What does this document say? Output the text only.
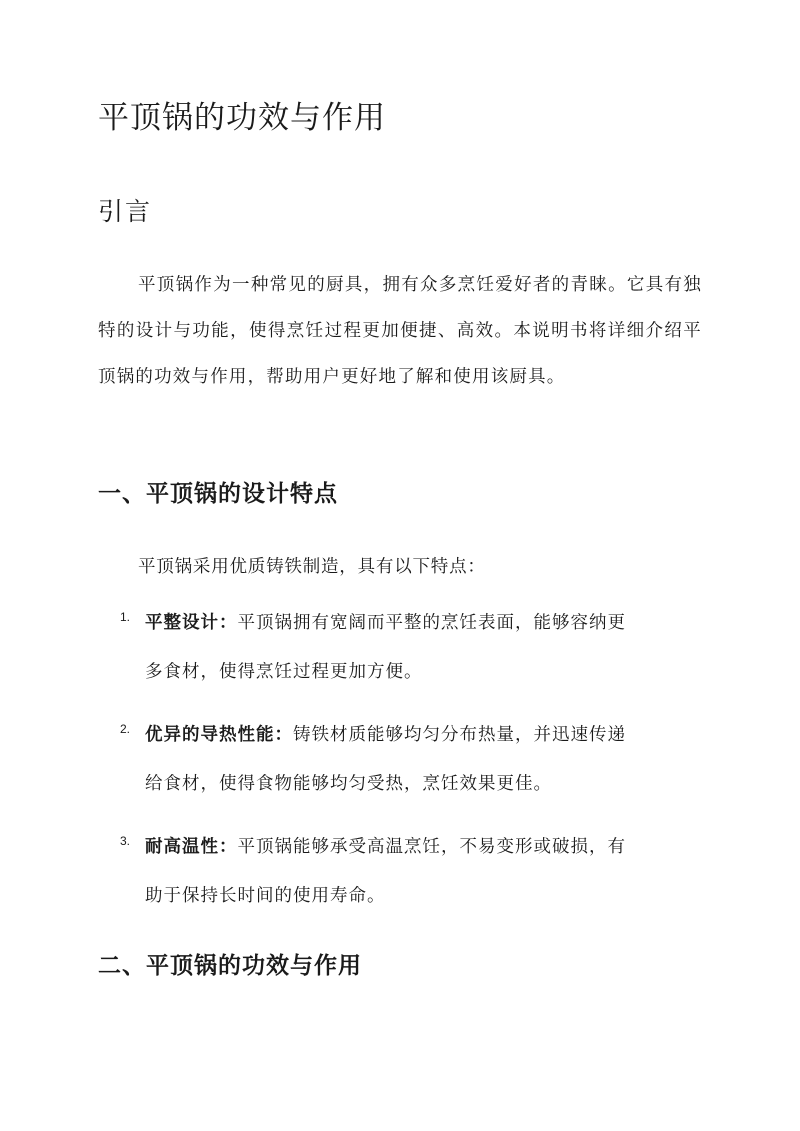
平顶锅的功效与作用
引言

平顶锅作为一种常见的厨具，拥有众多烹饪爱好者的青睐。它具有独特的设计与功能，使得烹饪过程更加便捷、高效。本说明书将详细介绍平顶锅的功效与作用，帮助用户更好地了解和使用该厨具。

一、平顶锅的设计特点

平顶锅采用优质铸铁制造，具有以下特点：

1. 平整设计：平顶锅拥有宽阔而平整的烹饪表面，能够容纳更
多食材，使得烹饪过程更加方便。
2. 优异的导热性能：铸铁材质能够均匀分布热量，并迅速传递
给食材，使得食物能够均匀受热，烹饪效果更佳。
3. 耐高温性：平顶锅能够承受高温烹饪，不易变形或破损，有
助于保持长时间的使用寿命。
二、平顶锅的功效与作用
